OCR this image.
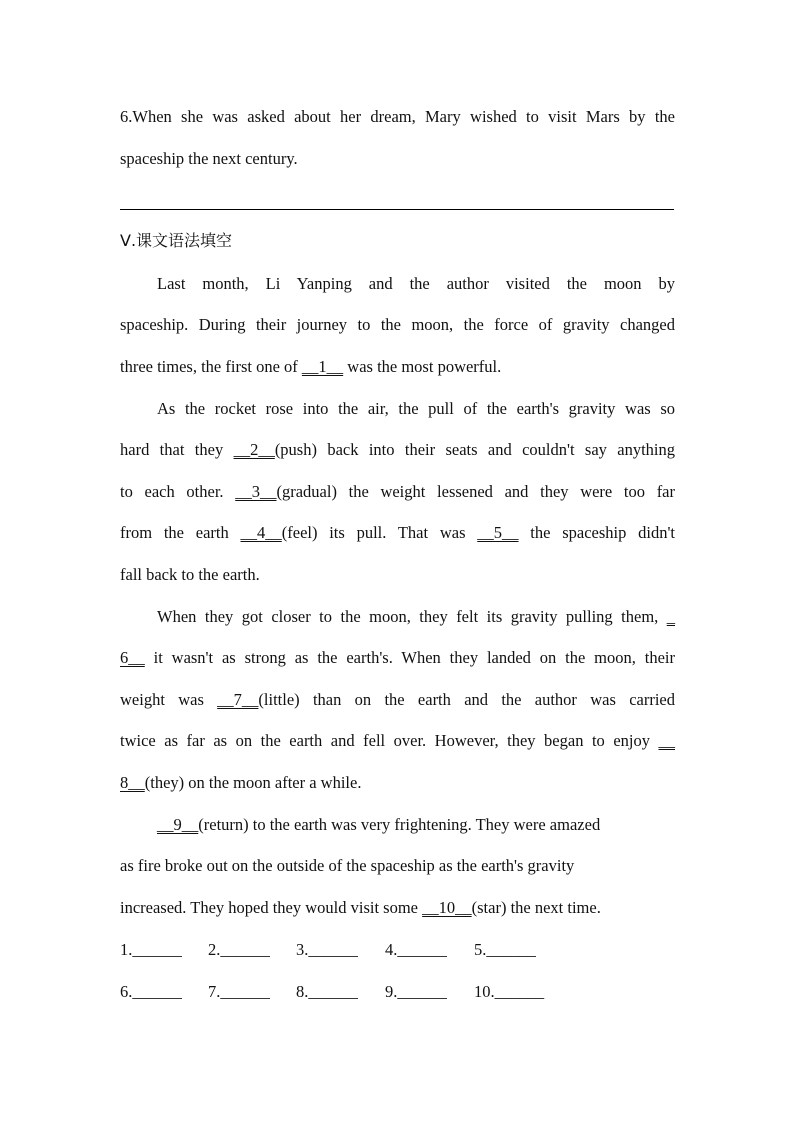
6.When she was asked about her dream, Mary wished to visit Mars by the
spaceship the next century.
Ⅴ.课文语法填空
Last month, Li Yanping and the author visited the moon by
spaceship. During their journey to the moon, the force of gravity changed
three times, the first one of __1__ was the most powerful.
As the rocket rose into the air, the pull of the earth's gravity was so
hard that they __2__(push) back into their seats and couldn't say anything
to each other. __3__(gradual) the weight lessened and they were too far
from the earth __4__(feel) its pull. That was __5__ the spaceship didn't
fall back to the earth.
When they got closer to the moon, they felt its gravity pulling them, _
6__ it wasn't as strong as the earth's. When they landed on the moon, their
weight was __7__(little) than on the earth and the author was carried
twice as far as on the earth and fell over. However, they began to enjoy __
8__(they) on the moon after a while.
__9__(return) to the earth was very frightening. They were amazed
as fire broke out on the outside of the spaceship as the earth's gravity
increased. They hoped they would visit some __10__(star) the next time.
1.______ 2.______ 3.______ 4.______ 5.______
6.______ 7.______ 8.______ 9.______ 10.______
